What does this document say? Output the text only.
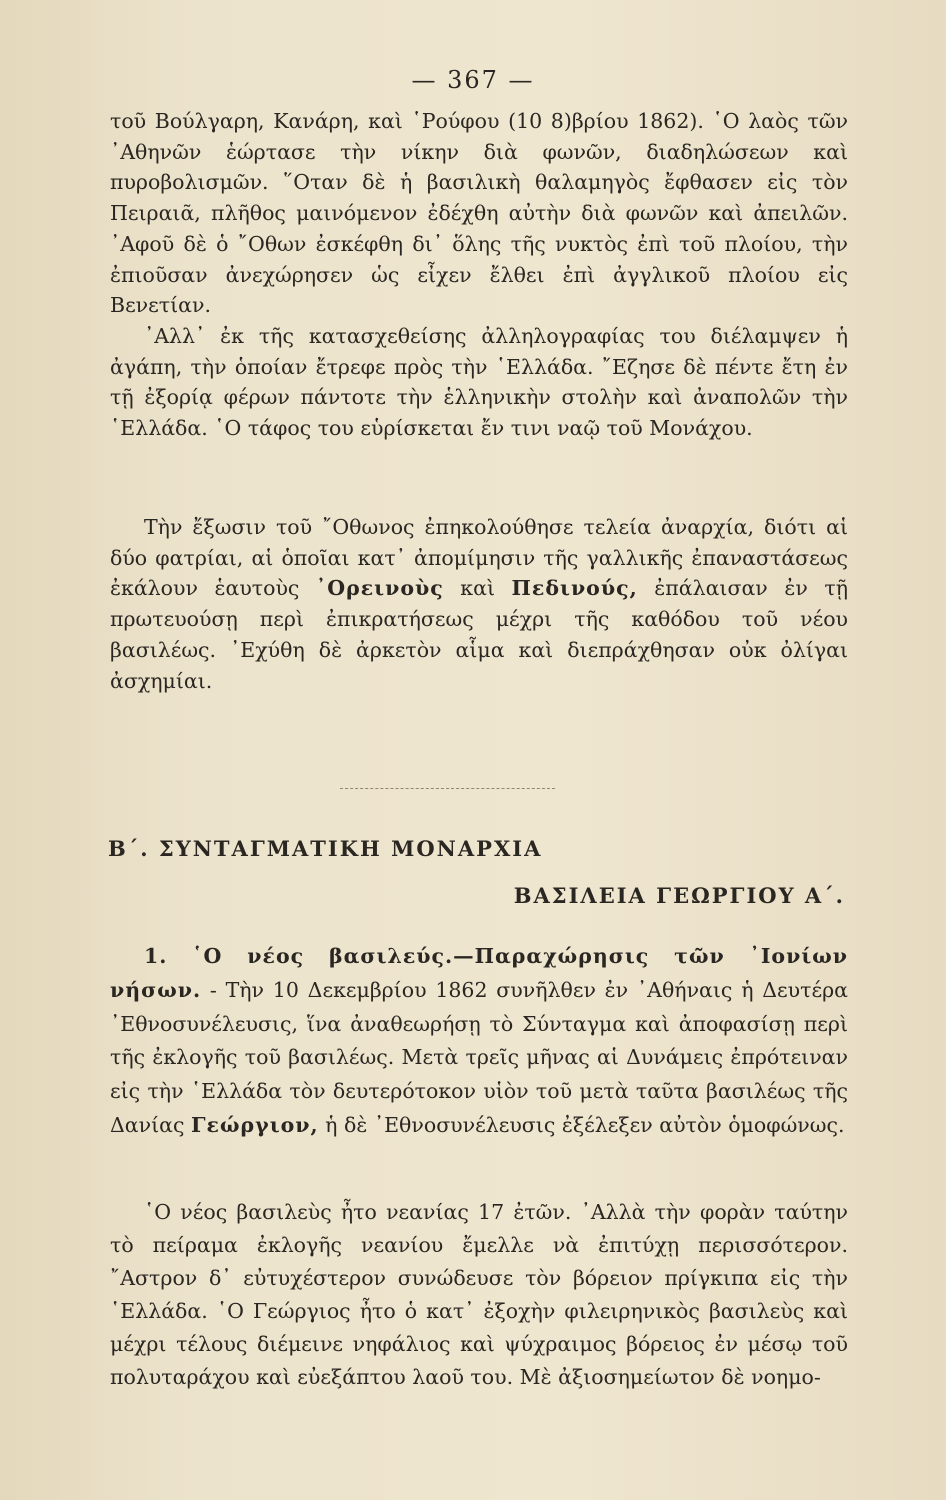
— 367 —

τοῦ Βούλγαρη, Κανάρη, καὶ ῾Ρούφου (10 8)βρίου 1862). ῾Ο λαὸς τῶν ᾿Αθηνῶν ἑώρτασε τὴν νίκην διὰ φωνῶν, διαδηλώσεων καὶ πυροβολισμῶν. ῞Οταν δὲ ἡ βασιλικὴ θαλαμηγὸς ἔφθασεν εἰς τὸν Πειραιᾶ, πλῆθος μαινόμενον ἐδέχθη αὐτὴν διὰ φωνῶν καὶ ἀπειλῶν. ᾿Αφοῦ δὲ ὁ ῎Οθων ἐσκέφθη δι᾿ ὅλης τῆς νυκτὸς ἐπὶ τοῦ πλοίου, τὴν ἐπιοῦσαν ἀνεχώρησεν ὡς εἶχεν ἔλθει ἐπὶ ἀγγλικοῦ πλοίου εἰς Βενετίαν.

᾿Αλλ᾿ ἐκ τῆς κατασχεθείσης ἀλληλογραφίας του διέλαμψεν ἡ ἀγάπη, τὴν ὁποίαν ἔτρεφε πρὸς τὴν ῾Ελλάδα. ῎Εζησε δὲ πέντε ἔτη ἐν τῇ ἐξορίᾳ φέρων πάντοτε τὴν ἑλληνικὴν στολὴν καὶ ἀναπολῶν τὴν ῾Ελλάδα. ῾Ο τάφος του εὑρίσκεται ἔν τινι ναῷ τοῦ Μονάχου.

Τὴν ἔξωσιν τοῦ ῎Οθωνος ἐπηκολούθησε τελεία ἀναρχία, διότι αἱ δύο φατρίαι, αἱ ὁποῖαι κατ᾿ ἀπομίμησιν τῆς γαλλικῆς ἐπαναστάσεως ἐκάλουν ἑαυτοὺς ᾿Ορεινοὺς καὶ Πεδινούς, ἐπάλαισαν ἐν τῇ πρωτευούσῃ περὶ ἐπικρατήσεως μέχρι τῆς καθόδου τοῦ νέου βασιλέως. ᾿Εχύθη δὲ ἀρκετὸν αἷμα καὶ διεπράχθησαν οὐκ ὀλίγαι ἀσχημίαι.

Β΄. ΣΥΝΤΑΓΜΑΤΙΚΗ ΜΟΝΑΡΧΙΑ
ΒΑΣΙΛΕΙΑ ΓΕΩΡΓΙΟΥ Α΄.

1. ῾Ο νέος βασιλεύς.—Παραχώρησις τῶν ᾿Ιονίων νήσων. - Τὴν 10 Δεκεμβρίου 1862 συνῆλθεν ἐν ᾿Αθήναις ἡ Δευτέρα ᾿Εθνοσυνέλευσις, ἵνα ἀναθεωρήσῃ τὸ Σύνταγμα καὶ ἀποφασίσῃ περὶ τῆς ἐκλογῆς τοῦ βασιλέως. Μετὰ τρεῖς μῆνας αἱ Δυνάμεις ἐπρότειναν εἰς τὴν ῾Ελλάδα τὸν δευτερότοκον υἱὸν τοῦ μετὰ ταῦτα βασιλέως τῆς Δανίας Γεώργιον, ἡ δὲ ᾿Εθνοσυνέλευσις ἐξέλεξεν αὐτὸν ὁμοφώνως.

῾Ο νέος βασιλεὺς ἦτο νεανίας 17 ἐτῶν. ᾿Αλλὰ τὴν φορὰν ταύτην τὸ πείραμα ἐκλογῆς νεανίου ἔμελλε νὰ ἐπιτύχῃ περισσότερον. ῎Αστρον δ᾿ εὐτυχέστερον συνώδευσε τὸν βόρειον πρίγκιπα εἰς τὴν ῾Ελλάδα. ῾Ο Γεώργιος ἦτο ὁ κατ᾿ ἐξοχὴν φιλειρηνικὸς βασιλεὺς καὶ μέχρι τέλους διέμεινε νηφάλιος καὶ ψύχραιμος βόρειος ἐν μέσῳ τοῦ πολυταράχου καὶ εὐεξάπτου λαοῦ του. Μὲ ἀξιοσημείωτον δὲ νοημο-
